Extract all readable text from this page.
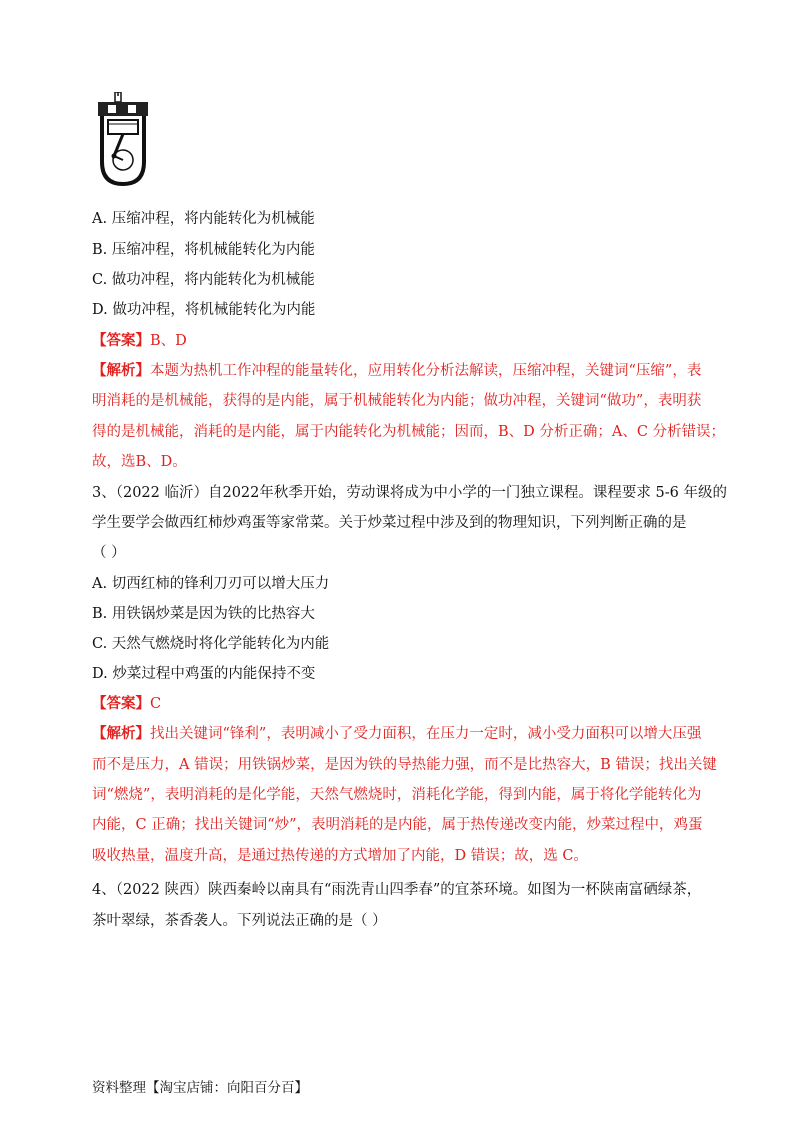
A. 压缩冲程，将内能转化为机械能
B. 压缩冲程，将机械能转化为内能
C. 做功冲程，将内能转化为机械能
D. 做功冲程，将机械能转化为内能
【答案】B、D
【解析】本题为热机工作冲程的能量转化，应用转化分析法解读，压缩冲程，关键词“压缩”，表
明消耗的是机械能，获得的是内能，属于机械能转化为内能；做功冲程，关键词“做功”，表明获
得的是机械能，消耗的是内能，属于内能转化为机械能；因而，B、D 分析正确；A、C 分析错误；
故，选B、D。
3、（2022 临沂）自2022年秋季开始，劳动课将成为中小学的一门独立课程。课程要求 5-6 年级的
学生要学会做西红柿炒鸡蛋等家常菜。关于炒菜过程中涉及到的物理知识，下列判断正确的是
（ ）
A. 切西红柿的锋利刀刃可以增大压力
B. 用铁锅炒菜是因为铁的比热容大
C. 天然气燃烧时将化学能转化为内能
D. 炒菜过程中鸡蛋的内能保持不变
【答案】C
【解析】找出关键词“锋利”，表明减小了受力面积，在压力一定时，减小受力面积可以增大压强
而不是压力，A 错误；用铁锅炒菜，是因为铁的导热能力强，而不是比热容大，B 错误；找出关键
词“燃烧”，表明消耗的是化学能，天然气燃烧时，消耗化学能，得到内能，属于将化学能转化为
内能，C 正确；找出关键词“炒”，表明消耗的是内能，属于热传递改变内能，炒菜过程中，鸡蛋
吸收热量，温度升高，是通过热传递的方式增加了内能，D 错误；故，选 C。
4、（2022 陕西）陕西秦岭以南具有“雨洗青山四季春”的宜茶环境。如图为一杯陕南富硒绿茶，
茶叶翠绿，茶香袭人。下列说法正确的是（ ）
资料整理【淘宝店铺：向阳百分百】
